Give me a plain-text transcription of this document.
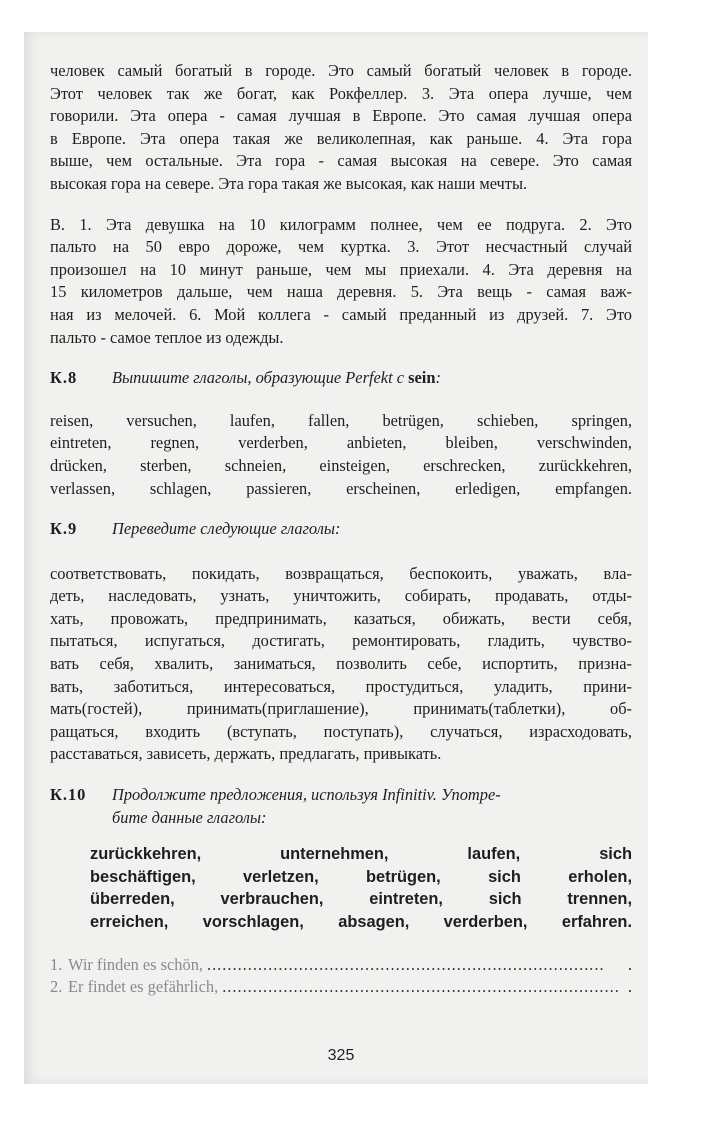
человек самый богатый в городе. Это самый богатый человек в городе.
Этот человек так же богат, как Рокфеллер. 3. Эта опера лучше, чем
говорили. Эта опера - самая лучшая в Европе. Это самая лучшая опера
в Европе. Эта опера такая же великолепная, как раньше. 4. Эта гора
выше, чем остальные. Эта гора - самая высокая на севере. Это самая
высокая гора на севере. Эта гора такая же высокая, как наши мечты.
В. 1. Эта девушка на 10 килограмм полнее, чем ее подруга. 2. Это
пальто на 50 евро дороже, чем куртка. 3. Этот несчастный случай
произошел на 10 минут раньше, чем мы приехали. 4. Эта деревня на
15 километров дальше, чем наша деревня. 5. Эта вещь - самая важ-
ная из мелочей. 6. Мой коллега - самый преданный из друзей. 7. Это
пальто - самое теплое из одежды.
К.8	Выпишите глаголы, образующие Perfekt c sein:
reisen, versuchen, laufen, fallen, betrügen, schieben, springen,
eintreten, regnen, verderben, anbieten, bleiben, verschwinden,
drücken, sterben, schneien, einsteigen, erschrecken, zurückkehren,
verlassen, schlagen, passieren, erscheinen, erledigen, empfangen.
К.9	Переведите следующие глаголы:
соответствовать, покидать, возвращаться, беспокоить, уважать, вла-
деть, наследовать, узнать, уничтожить, собирать, продавать, отды-
хать, провожать, предпринимать, казаться, обижать, вести себя,
пытаться, испугаться, достигать, ремонтировать, гладить, чувство-
вать себя, хвалить, заниматься, позволить себе, испортить, призна-
вать, заботиться, интересоваться, простудиться, уладить, прини-
мать(гостей), принимать(приглашение), принимать(таблетки), об-
ращаться, входить (вступать, поступать), случаться, израсходовать,
расставаться, зависеть, держать, предлагать, привыкать.
К.10	Продолжите предложения, используя Infinitiv. Употре-
бите данные глаголы:
zurückkehren, unternehmen, laufen, sich
beschäftigen, verletzen, betrügen, sich erholen,
überreden, verbrauchen, eintreten, sich trennen,
erreichen, vorschlagen, absagen, verderben, erfahren.
1. Wir finden es schön, ..............................................................................	.
2. Er findet es gefährlich, .............................................................................. .
325
